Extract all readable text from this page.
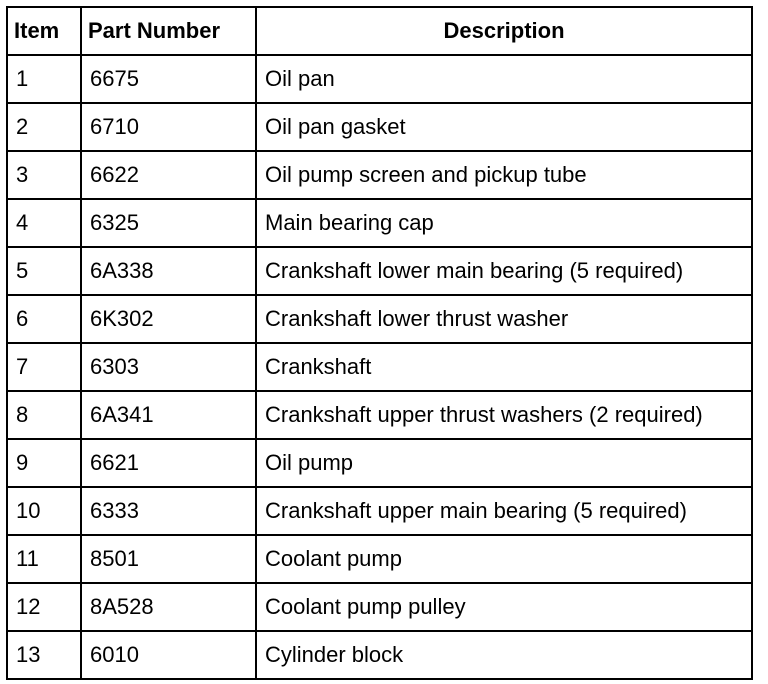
Item	Part Number	Description
1	6675	Oil pan
2	6710	Oil pan gasket
3	6622	Oil pump screen and pickup tube
4	6325	Main bearing cap
5	6A338	Crankshaft lower main bearing (5 required)
6	6K302	Crankshaft lower thrust washer
7	6303	Crankshaft
8	6A341	Crankshaft upper thrust washers (2 required)
9	6621	Oil pump
10	6333	Crankshaft upper main bearing (5 required)
11	8501	Coolant pump
12	8A528	Coolant pump pulley
13	6010	Cylinder block
